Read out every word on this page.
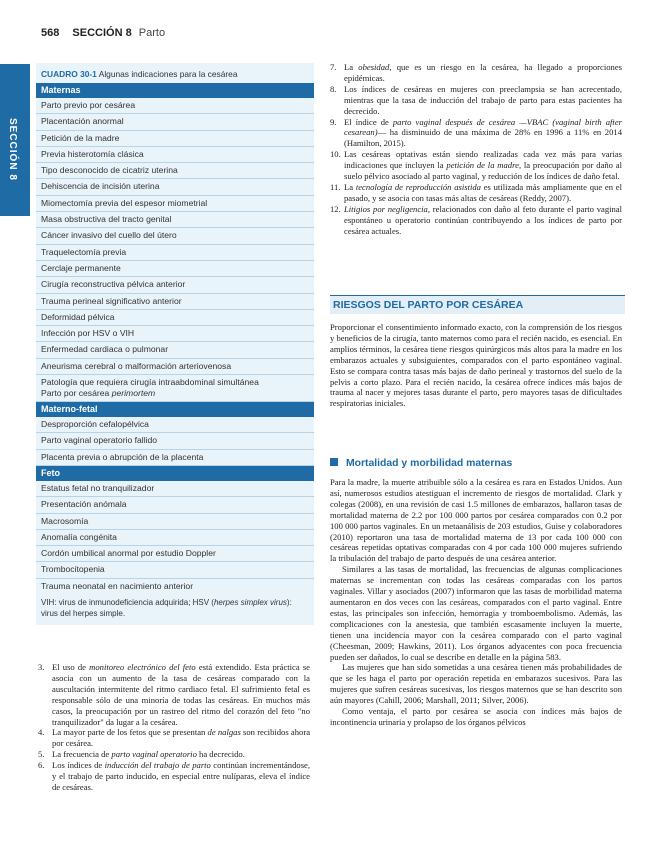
568 SECCIÓN 8 Parto
SECCIÓN 8
CUADRO 30-1 Algunas indicaciones para la cesárea
Maternas
Parto previo por cesárea
Placentación anormal
Petición de la madre
Previa histerotomía clásica
Tipo desconocido de cicatriz uterina
Dehiscencia de incisión uterina
Miomectomía previa del espesor miometrial
Masa obstructiva del tracto genital
Cáncer invasivo del cuello del útero
Traquelectomía previa
Cerclaje permanente
Cirugía reconstructiva pélvica anterior
Trauma perineal significativo anterior
Deformidad pélvica
Infección por HSV o VIH
Enfermedad cardiaca o pulmonar
Aneurisma cerebral o malformación arteriovenosa
Patología que requiera cirugía intraabdominal simultánea
Parto por cesárea perimortem
Materno-fetal
Desproporción cefalopélvica
Parto vaginal operatorio fallido
Placenta previa o abrupción de la placenta
Feto
Estatus fetal no tranquilizador
Presentación anómala
Macrosomía
Anomalía congénita
Cordón umbilical anormal por estudio Doppler
Trombocitopenia
Trauma neonatal en nacimiento anterior
VIH: virus de inmunodeficiencia adquirida; HSV (herpes simplex virus): virus del herpes simple.
7. La obesidad, que es un riesgo en la cesárea, ha llegado a proporciones epidémicas.
8. Los índices de cesáreas en mujeres con preeclampsia se han acrecentado, mientras que la tasa de inducción del trabajo de parto para estas pacientes ha decrecido.
9. El índice de parto vaginal después de cesárea —VBAC (vaginal birth after cesarean)— ha disminuido de una máxima de 28% en 1996 a 11% en 2014 (Hamilton, 2015).
10. Las cesáreas optativas están siendo realizadas cada vez más para varias indicaciones que incluyen la petición de la madre, la preocupación por daño al suelo pélvico asociado al parto vaginal, y reducción de los índices de daño fetal.
11. La tecnología de reproducción asistida es utilizada más ampliamente que en el pasado, y se asocia con tasas más altas de cesáreas (Reddy, 2007).
12. Litigios por negligencia, relacionados con daño al feto durante el parto vaginal espontáneo u operatorio continúan contribuyendo a los índices de parto por cesárea actuales.
RIESGOS DEL PARTO POR CESÁREA

Proporcionar el consentimiento informado exacto, con la comprensión de los riesgos y beneficios de la cirugía, tanto maternos como para el recién nacido, es esencial. En amplios términos, la cesárea tiene riesgos quirúrgicos más altos para la madre en los embarazos actuales y subsiguientes, comparados con el parto espontáneo vaginal. Esto se compara contra tasas más bajas de daño perineal y trastornos del suelo de la pelvis a corto plazo. Para el recién nacido, la cesárea ofrece índices más bajos de trauma al nacer y mejores tasas durante el parto, pero mayores tasas de dificultades respiratorias iniciales.

Mortalidad y morbilidad maternas

Para la madre, la muerte atribuible sólo a la cesárea es rara en Estados Unidos. Aun así, numerosos estudios atestiguan el incremento de riesgos de mortalidad. Clark y colegas (2008), en una revisión de casi 1.5 millones de embarazos, hallaron tasas de mortalidad materna de 2.2 por 100 000 partos por cesárea comparados con 0.2 por 100 000 partos vaginales. En un metaanálisis de 203 estudios, Guise y colaboradores (2010) reportaron una tasa de mortalidad materna de 13 por cada 100 000 con cesáreas repetidas optativas comparadas con 4 por cada 100 000 mujeres sufriendo la tribulación del trabajo de parto después de una cesárea anterior.

Similares a las tasas de mortalidad, las frecuencias de algunas complicaciones maternas se incrementan con todas las cesáreas comparadas con los partos vaginales. Villar y asociados (2007) informaron que las tasas de morbilidad materna aumentaron en dos veces con las cesáreas, comparados con el parto vaginal. Entre estas, las principales son infección, hemorragia y tromboembolismo. Además, las complicaciones con la anestesia, que también escasamente incluyen la muerte, tienen una incidencia mayor con la cesárea comparado con el parto vaginal (Cheesman, 2009; Hawkins, 2011). Los órganos adyacentes con poca frecuencia pueden ser dañados, lo cual se describe en detalle en la página 583.

Las mujeres que han sido sometidas a una cesárea tienen más probabilidades de que se les haga el parto por operación repetida en embarazos sucesivos. Para las mujeres que sufren cesáreas sucesivas, los riesgos maternos que se han descrito son aún mayores (Cahill, 2006; Marshall, 2011; Silver, 2006).

Como ventaja, el parto por cesárea se asocia con índices más bajos de incontinencia urinaria y prolapso de los órganos pélvicos

3. El uso de monitoreo electrónico del feto está extendido. Esta práctica se asocia con un aumento de la tasa de cesáreas comparado con la auscultación intermitente del ritmo cardiaco fetal. El sufrimiento fetal es responsable sólo de una minoría de todas las cesáreas. En muchos más casos, la preocupación por un rastreo del ritmo del corazón del feto "no tranquilizador" da lugar a la cesárea.
4. La mayor parte de los fetos que se presentan de nalgas son recibidos ahora por cesárea.
5. La frecuencia de parto vaginal operatorio ha decrecido.
6. Los índices de inducción del trabajo de parto continúan incrementándose, y el trabajo de parto inducido, en especial entre nulíparas, eleva el índice de cesáreas.
